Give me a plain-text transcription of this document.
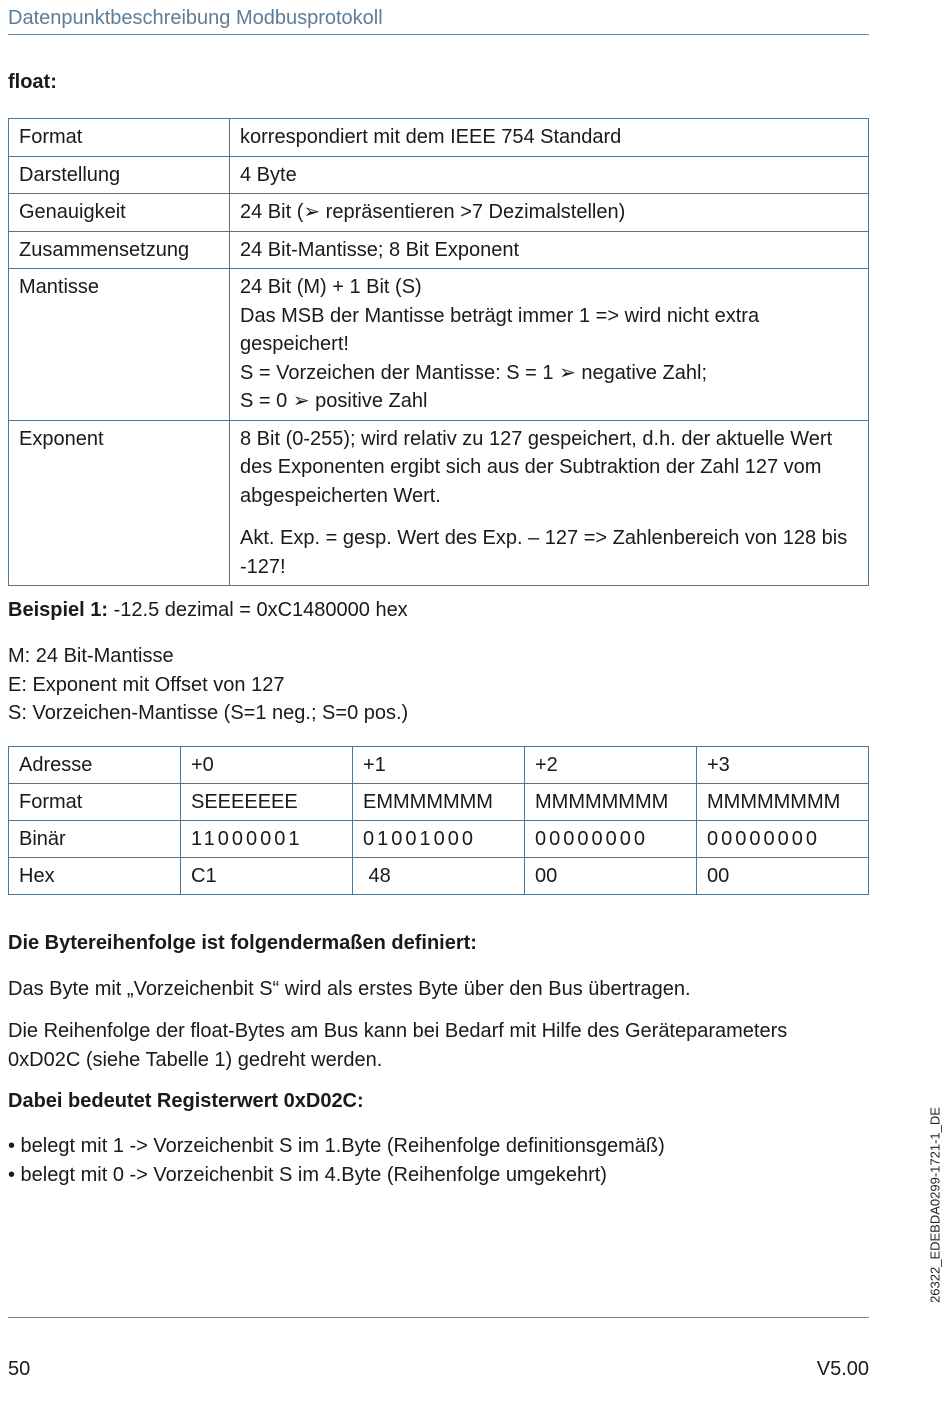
Datenpunktbeschreibung Modbusprotokoll
float:
Format	korrespondiert mit dem IEEE 754 Standard
Darstellung	4 Byte
Genauigkeit	24 Bit (➢ repräsentieren >7 Dezimalstellen)
Zusammensetzung	24 Bit-Mantisse; 8 Bit Exponent
Mantisse	24 Bit (M) + 1 Bit (S)

Das MSB der Mantisse beträgt immer 1 => wird nicht extra gespeichert!

S = Vorzeichen der Mantisse: S = 1 ➢ negative Zahl;

S = 0 ➢ positive Zahl

Exponent	8 Bit (0-255); wird relativ zu 127 gespeichert, d.h. der aktuelle Wert des Exponenten ergibt sich aus der Subtraktion der Zahl 127 vom abgespeicherten Wert.

Akt. Exp. = gesp. Wert des Exp. – 127 => Zahlenbereich von 128 bis -127!

Beispiel 1: -12.5 dezimal = 0xC1480000 hex
M: 24 Bit-Mantisse
E: Exponent mit Offset von 127
S: Vorzeichen-Mantisse (S=1 neg.; S=0 pos.)
Adresse	+0	+1	+2	+3
Format	SEEEEEEE	EMMMMMMM	MMMMMMMM	MMMMMMMM
Binär	11000001	01001000	00000000	00000000
Hex	C1	48	00	00
Die Bytereihenfolge ist folgendermaßen definiert:
Das Byte mit „Vorzeichenbit S“ wird als erstes Byte über den Bus übertragen.
Die Reihenfolge der float-Bytes am Bus kann bei Bedarf mit Hilfe des Geräteparameters 0xD02C (siehe Tabelle 1) gedreht werden.
Dabei bedeutet Registerwert 0xD02C:
• belegt mit 1 -> Vorzeichenbit S im 1.Byte (Reihenfolge definitionsgemäß)
• belegt mit 0 -> Vorzeichenbit S im 4.Byte (Reihenfolge umgekehrt)	26322_EDEBDA0299-1721-1_DE
50	V5.00
